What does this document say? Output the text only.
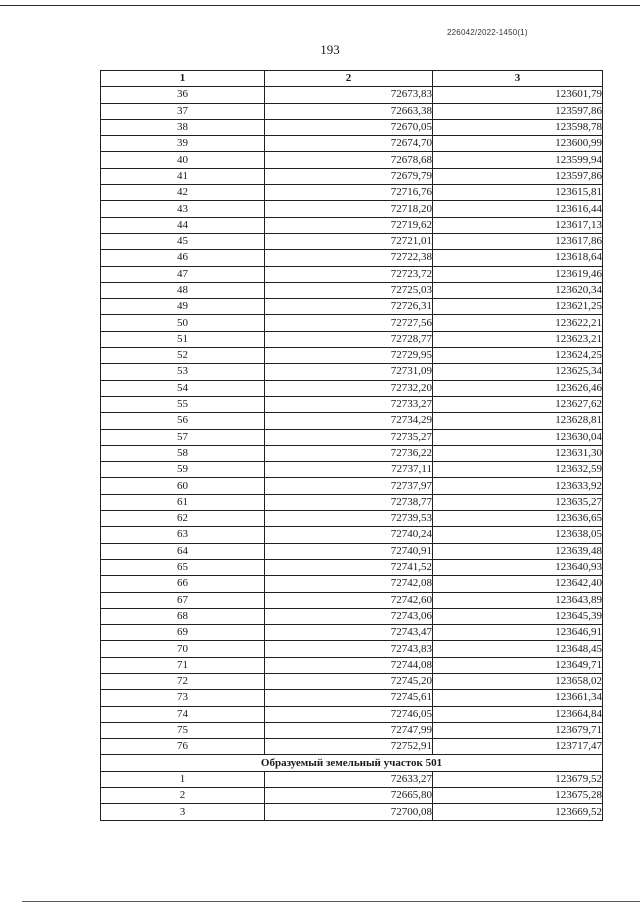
226042/2022-1450(1)
193
1	2	3
36	72673,83	123601,79
37	72663,38	123597,86
38	72670,05	123598,78
39	72674,70	123600,99
40	72678,68	123599,94
41	72679,79	123597,86
42	72716,76	123615,81
43	72718,20	123616,44
44	72719,62	123617,13
45	72721,01	123617,86
46	72722,38	123618,64
47	72723,72	123619,46
48	72725,03	123620,34
49	72726,31	123621,25
50	72727,56	123622,21
51	72728,77	123623,21
52	72729,95	123624,25
53	72731,09	123625,34
54	72732,20	123626,46
55	72733,27	123627,62
56	72734,29	123628,81
57	72735,27	123630,04
58	72736,22	123631,30
59	72737,11	123632,59
60	72737,97	123633,92
61	72738,77	123635,27
62	72739,53	123636,65
63	72740,24	123638,05
64	72740,91	123639,48
65	72741,52	123640,93
66	72742,08	123642,40
67	72742,60	123643,89
68	72743,06	123645,39
69	72743,47	123646,91
70	72743,83	123648,45
71	72744,08	123649,71
72	72745,20	123658,02
73	72745,61	123661,34
74	72746,05	123664,84
75	72747,99	123679,71
76	72752,91	123717,47
Образуемый земельный участок 501		
1	72633,27	123679,52
2	72665,80	123675,28
3	72700,08	123669,52
